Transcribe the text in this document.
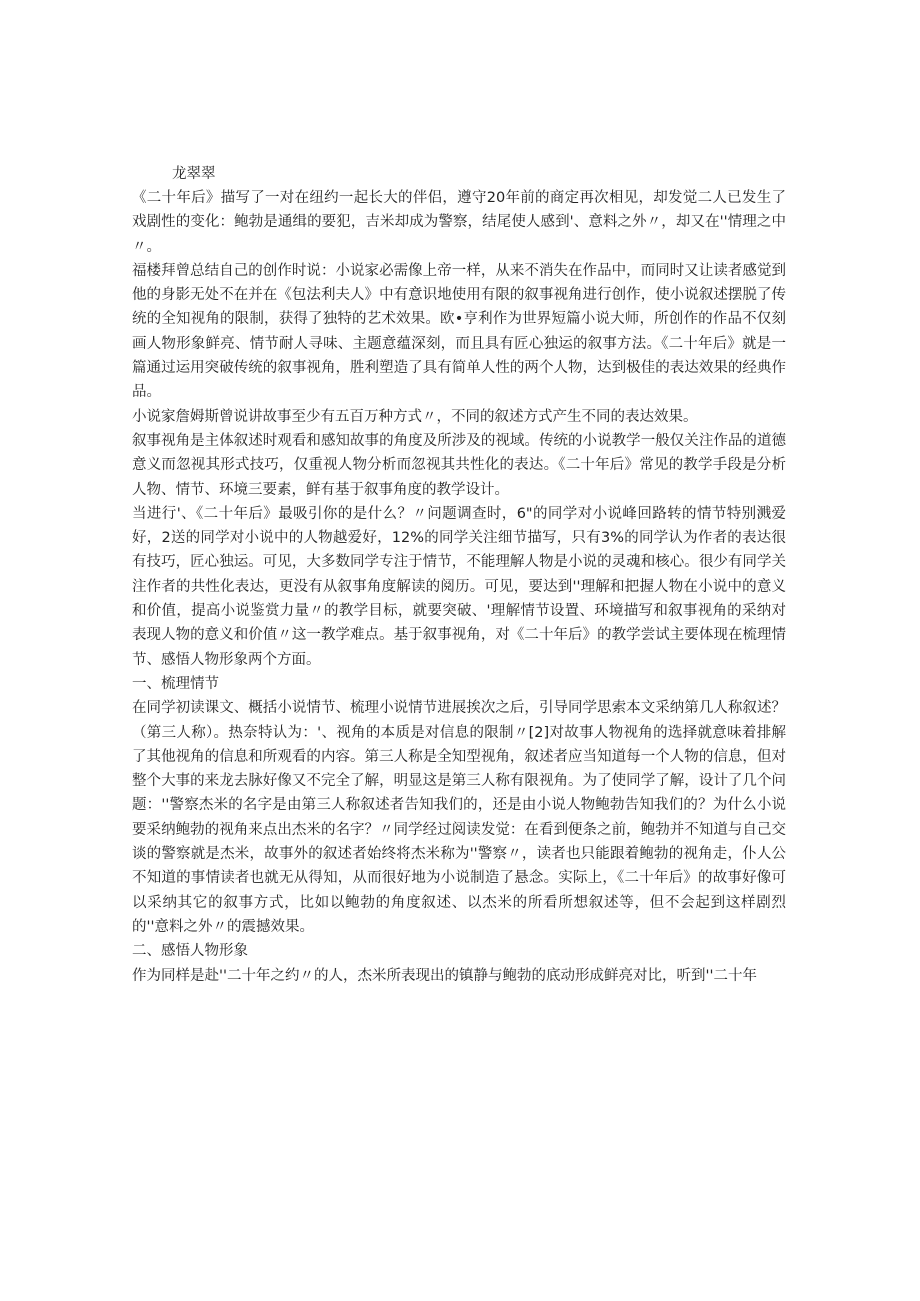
龙翠翠

《二十年后》描写了一对在纽约一起长大的伴侣，遵守20年前的商定再次相见，却发觉二人已发生了戏剧性的变化：鲍勃是通缉的要犯，吉米却成为警察，结尾使人感到'、意料之外〃，却又在''情理之中〃。

福楼拜曾总结自己的创作时说：小说家必需像上帝一样，从来不消失在作品中，而同时又让读者感觉到他的身影无处不在并在《包法利夫人》中有意识地使用有限的叙事视角进行创作，使小说叙述摆脱了传统的全知视角的限制，获得了独特的艺术效果。欧•亨利作为世界短篇小说大师，所创作的作品不仅刻画人物形象鲜亮、情节耐人寻味、主题意蕴深刻，而且具有匠心独运的叙事方法。《二十年后》就是一篇通过运用突破传统的叙事视角，胜利塑造了具有简单人性的两个人物，达到极佳的表达效果的经典作品。

小说家詹姆斯曾说讲故事至少有五百万种方式〃，不同的叙述方式产生不同的表达效果。

叙事视角是主体叙述时观看和感知故事的角度及所涉及的视域。传统的小说教学一般仅关注作品的道德意义而忽视其形式技巧，仅重视人物分析而忽视其共性化的表达。《二十年后》常见的教学手段是分析人物、情节、环境三要素，鲜有基于叙事角度的教学设计。

当进行'、《二十年后》最吸引你的是什么？〃问题调查时，6"的同学对小说峰回路转的情节特别溅爱好，2送的同学对小说中的人物越爱好，12%的同学关注细节描写，只有3%的同学认为作者的表达很有技巧，匠心独运。可见，大多数同学专注于情节，不能理解人物是小说的灵魂和核心。很少有同学关注作者的共性化表达，更没有从叙事角度解读的阅历。可见，要达到''理解和把握人物在小说中的意义和价值，提高小说鉴赏力量〃的教学目标，就要突破、'理解情节设置、环境描写和叙事视角的采纳对表现人物的意义和价值〃这一教学难点。基于叙事视角，对《二十年后》的教学尝试主要体现在梳理情节、感悟人物形象两个方面。

一、梳理情节

在同学初读课文、概括小说情节、梳理小说情节进展挨次之后，引导同学思索本文采纳第几人称叙述？（第三人称）。热奈特认为：'、视角的本质是对信息的限制〃[2]对故事人物视角的选择就意味着排解了其他视角的信息和所观看的内容。第三人称是全知型视角，叙述者应当知道每一个人物的信息，但对整个大事的来龙去脉好像又不完全了解，明显这是第三人称有限视角。为了使同学了解，设计了几个问题：''警察杰米的名字是由第三人称叙述者告知我们的，还是由小说人物鲍勃告知我们的？为什么小说要采纳鲍勃的视角来点出杰米的名字？〃同学经过阅读发觉：在看到便条之前，鲍勃并不知道与自己交谈的警察就是杰米，故事外的叙述者始终将杰米称为''警察〃，读者也只能跟着鲍勃的视角走，仆人公不知道的事情读者也就无从得知，从而很好地为小说制造了悬念。实际上，《二十年后》的故事好像可以采纳其它的叙事方式，比如以鲍勃的角度叙述、以杰米的所看所想叙述等，但不会起到这样剧烈的''意料之外〃的震撼效果。

二、感悟人物形象

作为同样是赴''二十年之约〃的人，杰米所表现出的镇静与鲍勃的底动形成鲜亮对比，听到''二十年
